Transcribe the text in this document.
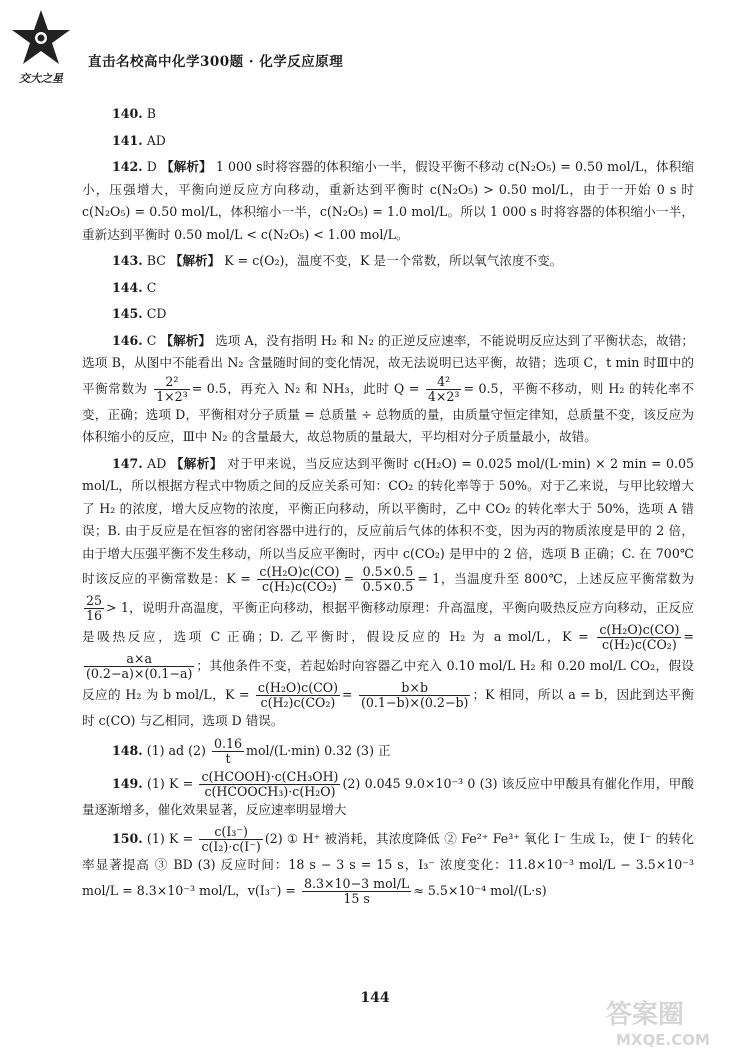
交大之星
直击名校高中化学300题 · 化学反应原理

140. B

141. AD

142. D 【解析】 1 000 s时将容器的体积缩小一半，假设平衡不移动 c(N₂O₅) = 0.50 mol/L，体积缩小，压强增大，平衡向逆反应方向移动，重新达到平衡时 c(N₂O₅) > 0.50 mol/L，由于一开始 0 s 时 c(N₂O₅) = 0.50 mol/L，体积缩小一半，c(N₂O₅) = 1.0 mol/L。所以 1 000 s 时将容器的体积缩小一半，重新达到平衡时 0.50 mol/L < c(N₂O₅) < 1.00 mol/L。

143. BC 【解析】 K = c(O₂)，温度不变，K 是一个常数，所以氧气浓度不变。

144. C

145. CD

146. C 【解析】 选项 A，没有指明 H₂ 和 N₂ 的正逆反应速率，不能说明反应达到了平衡状态，故错；选项 B，从图中不能看出 N₂ 含量随时间的变化情况，故无法说明已达平衡，故错；选项 C，t min 时Ⅲ中的平衡常数为 $\frac{\text{2²}}{\text{1×2³}} = 0.5$，再充入 N₂ 和 NH₃，此时 $Q = \frac{\text{4²}}{\text{4×2³}} = 0.5$，平衡不移动，则 H₂ 的转化率不变，正确；选项 D，平衡相对分子质量 = 总质量 ÷ 总物质的量，由质量守恒定律知，总质量不变，该反应为体积缩小的反应，Ⅲ中 N₂ 的含量最大，故总物质的量最大，平均相对分子质量最小，故错。

147. AD 【解析】 对于甲来说，当反应达到平衡时 c(H₂O) = 0.025 mol/(L·min) × 2 min = 0.05 mol/L，所以根据方程式中物质之间的反应关系可知：CO₂ 的转化率等于 50%。对于乙来说，与甲比较增大了 H₂ 的浓度，增大反应物的浓度，平衡正向移动，所以平衡时，乙中 CO₂ 的转化率大于 50%，选项 A 错误；B. 由于反应是在恒容的密闭容器中进行的，反应前后气体的体积不变，因为丙的物质浓度是甲的 2 倍，由于增大压强平衡不发生移动，所以当反应平衡时，丙中 c(CO₂) 是甲中的 2 倍，选项 B 正确；C. 在 700℃ 时该反应的平衡常数是：$K = \frac{\text{c(H₂O)c(CO)}}{\text{c(H₂)c(CO₂)}} = \frac{0.5\times 0.5}{0.5\times 0.5} = 1$，当温度升至 800℃，上述反应平衡常数为
$\frac{25}{16} > 1$，说明升高温度，平衡正向移动，根据平衡移动原理：升高温度，平衡向吸热反应方向移动，正反应是吸热反应，选项 C 正确；D. 乙平衡时，假设反应的 H₂ 为 a mol/L，$K = \frac{\text{c(H₂O)c(CO)}}{\text{c(H₂)c(CO₂)}}$ =
$\frac{a\times a}{(0.2-a)\times(0.1-a)}$ ；其他条件不变，若起始时向容器乙中充入 0.10 mol/L H₂ 和 0.20 mol/L CO₂，假设反应的 H₂ 为 b mol/L，$K = \frac{\text{c(H₂O)c(CO)}}{\text{c(H₂)c(CO₂)}} = \frac{b\times b}{(0.1-b)\times(0.2-b)}$ ；K 相同，所以 a = b，因此到达平衡时 c(CO) 与乙相同，选项 D 错误。

148. (1) ad $(2) \frac{0.16}{t} mol/(L\cdot\min)$ 0.32 (3) 正

149. (1) $K = \frac{\text{c(HCOOH)·c(CH₃OH)}}{\text{c(HCOOCH₃)·c(H₂O)}} (2)$ 0.045 9.0×10⁻³ 0 (3) 该反应中甲酸具有催化作用，甲酸量逐渐增多，催化效果显著，反应速率明显增大

150. (1) $K = \frac{\text{c(I₃⁻)}}{\text{c(I₂)·c(I⁻)}} (2)$ ① H⁺ 被消耗，其浓度降低 ② Fe²⁺ Fe³⁺ 氧化 I⁻ 生成 I₂，使 I⁻ 的转化率显著提高 ③ BD (3) 反应时间：18 s − 3 s = 15 s，I₃⁻ 浓度变化：11.8×10⁻³ mol/L − 3.5×10⁻³ mol/L = 8.3×10⁻³ mol/L，$v(I_3^-) = \frac{\text{8.3×10−3 mol/L}}{15 s} \approx 5.5\times 10^{-4}$ mol/(L·s)

144
答案圈
MXQE.COM
